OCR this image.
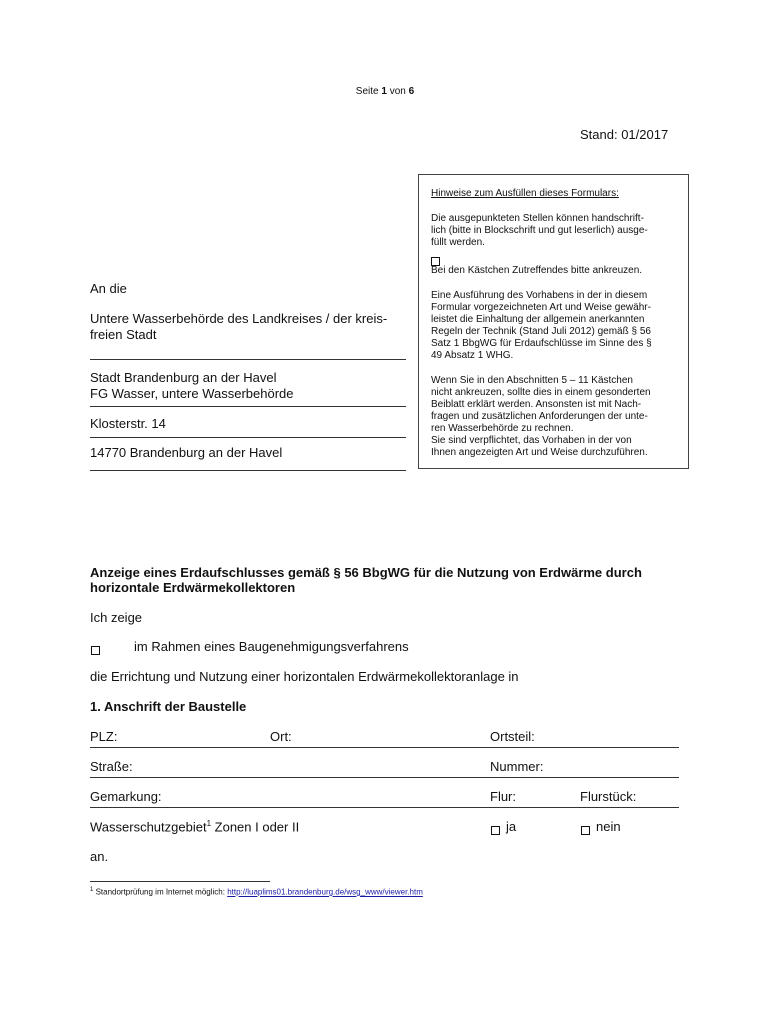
Seite 1 von 6
Stand: 01/2017
Hinweise zum Ausfüllen dieses Formulars:
Die ausgepunkteten Stellen können handschrift-
lich (bitte in Blockschrift und gut leserlich) ausge-
füllt werden.
Bei den Kästchen Zutreffendes bitte ankreuzen.
Eine Ausführung des Vorhabens in der in diesem
Formular vorgezeichneten Art und Weise gewähr-
leistet die Einhaltung der allgemein anerkannten
Regeln der Technik (Stand Juli 2012) gemäß § 56
Satz 1 BbgWG für Erdaufschlüsse im Sinne des §
49 Absatz 1 WHG.
Wenn Sie in den Abschnitten 5 – 11 Kästchen
nicht ankreuzen, sollte dies in einem gesonderten
Beiblatt erklärt werden. Ansonsten ist mit Nach-
fragen und zusätzlichen Anforderungen der unte-
ren Wasserbehörde zu rechnen.
Sie sind verpflichtet, das Vorhaben in der von
Ihnen angezeigten Art und Weise durchzuführen.
An die
Untere Wasserbehörde des Landkreises / der kreis-
freien Stadt
Stadt Brandenburg an der Havel
FG Wasser, untere Wasserbehörde
Klosterstr. 14
14770 Brandenburg an der Havel
Anzeige eines Erdaufschlusses gemäß § 56 BbgWG für die Nutzung von Erdwärme durch
horizontale Erdwärmekollektoren
Ich zeige
im Rahmen eines Baugenehmigungsverfahrens
die Errichtung und Nutzung einer horizontalen Erdwärmekollektoranlage in
1. Anschrift der Baustelle
PLZ:	Ort:	Ortsteil:
Straße:	Nummer:
Gemarkung:	Flur:	Flurstück:
Wasserschutzgebiet$^1$ Zonen I oder II	ja	nein
an.
$^1$ Standortprüfung im Internet möglich: http://luaplims01.brandenburg.de/wsg_www/viewer.htm
